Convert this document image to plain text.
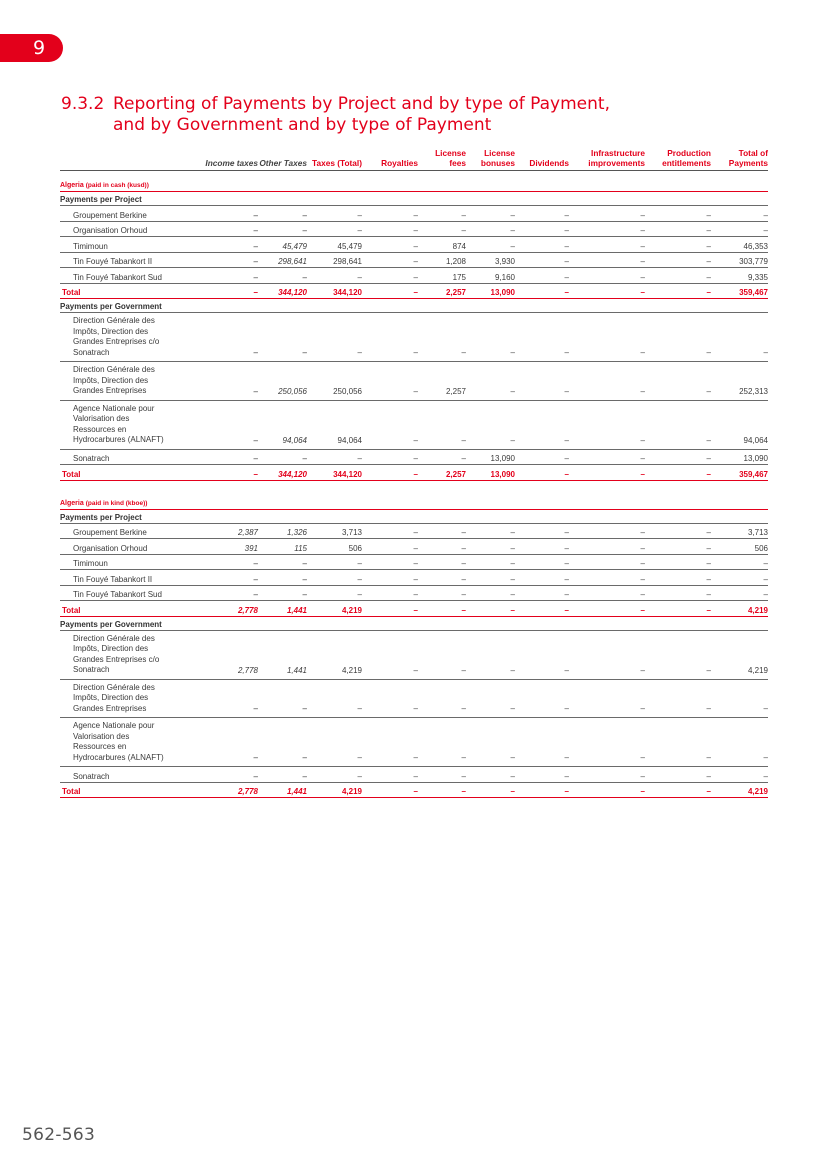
9
9.3.2 Reporting of Payments by Project and by type of Payment,
and by Government and by type of Payment
	Income taxes	Other Taxes	Taxes (Total)	Royalties	License fees	License bonuses	Dividends	Infrastructure improvements	Production entitlements	Total of Payments
Algeria (paid in cash (kusd))										
Payments per Project										
Groupement Berkine	–	–	–	–	–	–	–	–	–	–
Organisation Orhoud	–	–	–	–	–	–	–	–	–	–
Timimoun	–	45,479	45,479	–	874	–	–	–	–	46,353
Tin Fouyé Tabankort II	–	298,641	298,641	–	1,208	3,930	–	–	–	303,779
Tin Fouyé Tabankort Sud	–	–	–	–	175	9,160	–	–	–	9,335
Total	–	344,120	344,120	–	2,257	13,090	–	–	–	359,467
Payments per Government										
Direction Générale des Impôts, Direction des Grandes Entreprises c/o Sonatrach	–	–	–	–	–	–	–	–	–	–
Direction Générale des Impôts, Direction des Grandes Entreprises	–	250,056	250,056	–	2,257	–	–	–	–	252,313
Agence Nationale pour Valorisation des Ressources en Hydrocarbures (ALNAFT)	–	94,064	94,064	–	–	–	–	–	–	94,064
Sonatrach	–	–	–	–	–	13,090	–	–	–	13,090
Total	–	344,120	344,120	–	2,257	13,090	–	–	–	359,467

Algeria (paid in kind (kboe))										
Payments per Project										
Groupement Berkine	2,387	1,326	3,713	–	–	–	–	–	–	3,713
Organisation Orhoud	391	115	506	–	–	–	–	–	–	506
Timimoun	–	–	–	–	–	–	–	–	–	–
Tin Fouyé Tabankort II	–	–	–	–	–	–	–	–	–	–
Tin Fouyé Tabankort Sud	–	–	–	–	–	–	–	–	–	–
Total	2,778	1,441	4,219	–	–	–	–	–	–	4,219
Payments per Government										
Direction Générale des Impôts, Direction des Grandes Entreprises c/o Sonatrach	2,778	1,441	4,219	–	–	–	–	–	–	4,219
Direction Générale des Impôts, Direction des Grandes Entreprises	–	–	–	–	–	–	–	–	–	–
Agence Nationale pour Valorisation des Ressources en Hydrocarbures (ALNAFT)	–	–	–	–	–	–	–	–	–	–
Sonatrach	–	–	–	–	–	–	–	–	–	–
Total	2,778	1,441	4,219	–	–	–	–	–	–	4,219
562-563
